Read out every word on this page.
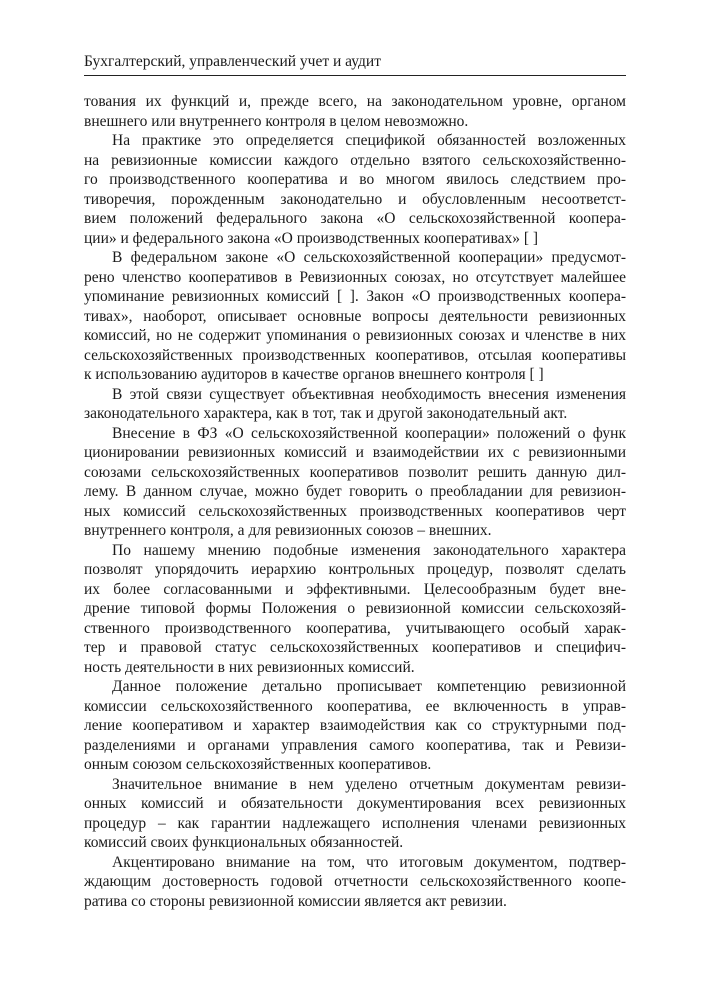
Бухгалтерский, управленческий учет и аудит
тования их функций и, прежде всего, на законодательном уровне, органом
внешнего или внутреннего контроля в целом невозможно.
На практике это определяется спецификой обязанностей возложенных
на ревизионные комиссии каждого отдельно взятого сельскохозяйственно-
го производственного кооператива и во многом явилось следствием про-
тиворечия, порожденным законодательно и обусловленным несоответст-
вием положений федерального закона «О сельскохозяйственной коопера-
ции» и федерального закона «О производственных кооперативах» [ ]
В федеральном законе «О сельскохозяйственной кооперации» предусмот-
рено членство кооперативов в Ревизионных союзах, но отсутствует малейшее
упоминание ревизионных комиссий [ ]. Закон «О производственных коопера-
тивах», наоборот, описывает основные вопросы деятельности ревизионных
комиссий, но не содержит упоминания о ревизионных союзах и членстве в них
сельскохозяйственных производственных кооперативов, отсылая кооперативы
к использованию аудиторов в качестве органов внешнего контроля [ ]
В этой связи существует объективная необходимость внесения изменения
законодательного характера, как в тот, так и другой законодательный акт.
Внесение в ФЗ «О сельскохозяйственной кооперации» положений о функ
ционировании ревизионных комиссий и взаимодействии их с ревизионными
союзами сельскохозяйственных кооперативов позволит решить данную дил-
лему. В данном случае, можно будет говорить о преобладании для ревизион-
ных комиссий сельскохозяйственных производственных кооперативов черт
внутреннего контроля, а для ревизионных союзов – внешних.
По нашему мнению подобные изменения законодательного характера
позволят упорядочить иерархию контрольных процедур, позволят сделать
их более согласованными и эффективными. Целесообразным будет вне-
дрение типовой формы Положения о ревизионной комиссии сельскохозяй-
ственного производственного кооператива, учитывающего особый харак-
тер и правовой статус сельскохозяйственных кооперативов и специфич-
ность деятельности в них ревизионных комиссий.
Данное положение детально прописывает компетенцию ревизионной
комиссии сельскохозяйственного кооператива, ее включенность в управ-
ление кооперативом и характер взаимодействия как со структурными под-
разделениями и органами управления самого кооператива, так и Ревизи-
онным союзом сельскохозяйственных кооперативов.
Значительное внимание в нем уделено отчетным документам ревизи-
онных комиссий и обязательности документирования всех ревизионных
процедур – как гарантии надлежащего исполнения членами ревизионных
комиссий своих функциональных обязанностей.
Акцентировано внимание на том, что итоговым документом, подтвер-
ждающим достоверность годовой отчетности сельскохозяйственного коопе-
ратива со стороны ревизионной комиссии является акт ревизии.
